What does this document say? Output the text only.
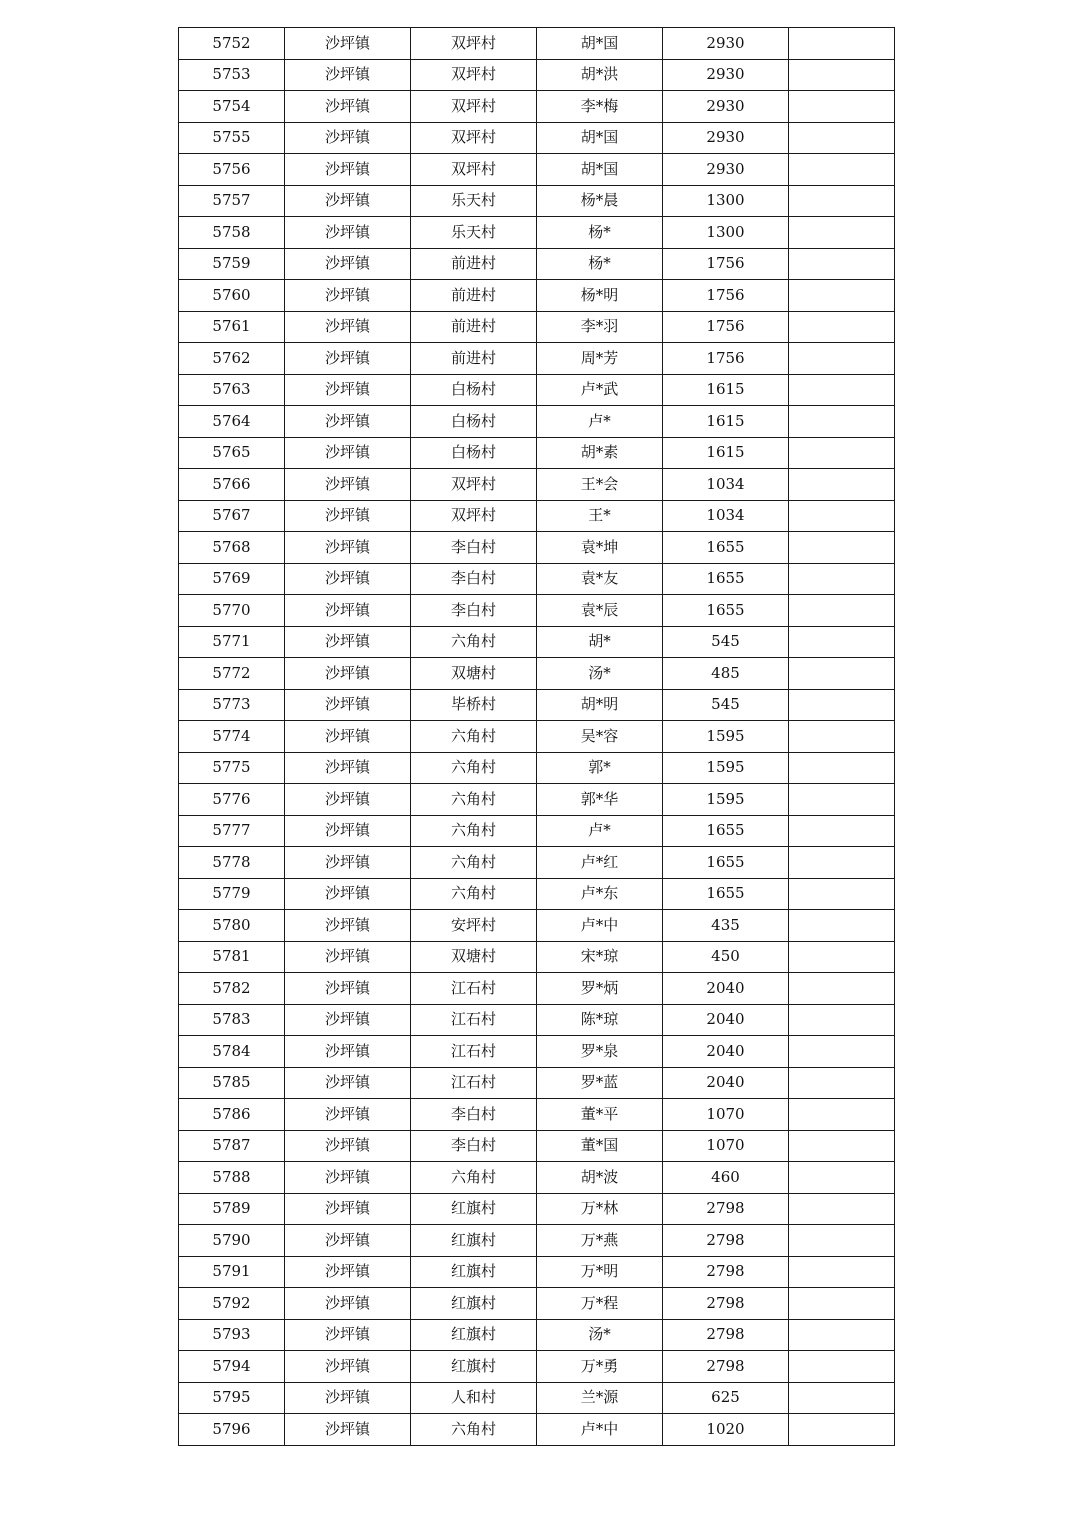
5752	沙坪镇	双坪村	胡*国	2930	
5753	沙坪镇	双坪村	胡*洪	2930	
5754	沙坪镇	双坪村	李*梅	2930	
5755	沙坪镇	双坪村	胡*国	2930	
5756	沙坪镇	双坪村	胡*国	2930	
5757	沙坪镇	乐天村	杨*晨	1300	
5758	沙坪镇	乐天村	杨*	1300	
5759	沙坪镇	前进村	杨*	1756	
5760	沙坪镇	前进村	杨*明	1756	
5761	沙坪镇	前进村	李*羽	1756	
5762	沙坪镇	前进村	周*芳	1756	
5763	沙坪镇	白杨村	卢*武	1615	
5764	沙坪镇	白杨村	卢*	1615	
5765	沙坪镇	白杨村	胡*素	1615	
5766	沙坪镇	双坪村	王*会	1034	
5767	沙坪镇	双坪村	王*	1034	
5768	沙坪镇	李白村	袁*坤	1655	
5769	沙坪镇	李白村	袁*友	1655	
5770	沙坪镇	李白村	袁*辰	1655	
5771	沙坪镇	六角村	胡*	545	
5772	沙坪镇	双塘村	汤*	485	
5773	沙坪镇	毕桥村	胡*明	545	
5774	沙坪镇	六角村	吴*容	1595	
5775	沙坪镇	六角村	郭*	1595	
5776	沙坪镇	六角村	郭*华	1595	
5777	沙坪镇	六角村	卢*	1655	
5778	沙坪镇	六角村	卢*红	1655	
5779	沙坪镇	六角村	卢*东	1655	
5780	沙坪镇	安坪村	卢*中	435	
5781	沙坪镇	双塘村	宋*琼	450	
5782	沙坪镇	江石村	罗*炳	2040	
5783	沙坪镇	江石村	陈*琼	2040	
5784	沙坪镇	江石村	罗*泉	2040	
5785	沙坪镇	江石村	罗*蓝	2040	
5786	沙坪镇	李白村	董*平	1070	
5787	沙坪镇	李白村	董*国	1070	
5788	沙坪镇	六角村	胡*波	460	
5789	沙坪镇	红旗村	万*林	2798	
5790	沙坪镇	红旗村	万*燕	2798	
5791	沙坪镇	红旗村	万*明	2798	
5792	沙坪镇	红旗村	万*程	2798	
5793	沙坪镇	红旗村	汤*	2798	
5794	沙坪镇	红旗村	万*勇	2798	
5795	沙坪镇	人和村	兰*源	625	
5796	沙坪镇	六角村	卢*中	1020	
